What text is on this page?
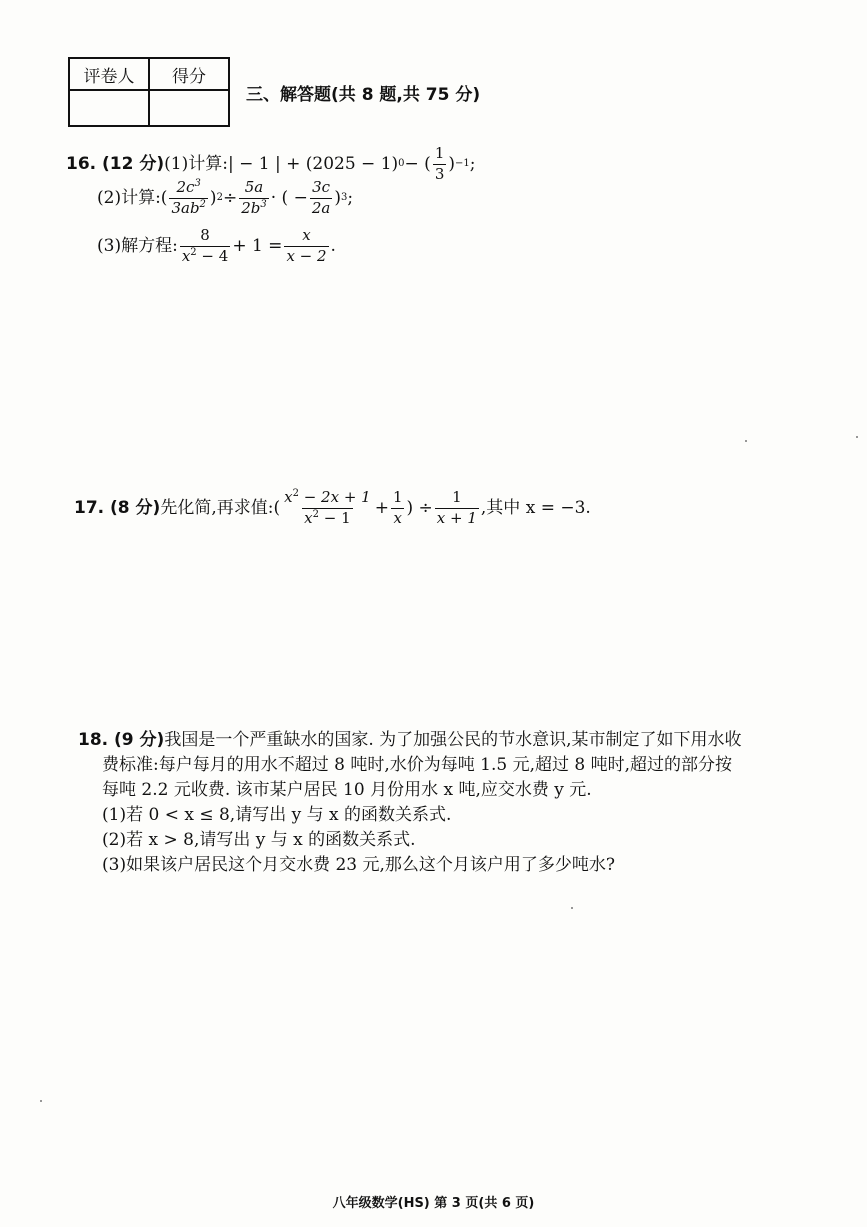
评卷人	得分

三、解答题(共 8 题,共 75 分)
16. (12 分) (1)计算: | − 1 | + (2025 − 1) 0 − ( $\frac{1}{3}$ ) −1 ;
(2)计算:( $\frac{2c^3}{3ab^2}$ ) $2 \div \frac{5a}{2b^3}$ · ( − $\frac{3c}{2a}$ ) 3 ;
(3)解方程: $\frac{8}{x^2 - 4} + 1 = \frac{x}{x - 2}$ .
17. (8 分) 先化简,再求值:( $\frac{x^2 - 2x + 1}{x^2 - 1} + \frac{1}{x}$ ) ÷ $\frac{1}{x + 1}$ ,其中 x = −3.
18. (9 分)我国是一个严重缺水的国家. 为了加强公民的节水意识,某市制定了如下用水收
费标准:每户每月的用水不超过 8 吨时,水价为每吨 1.5 元,超过 8 吨时,超过的部分按
每吨 2.2 元收费. 该市某户居民 10 月份用水 x 吨,应交水费 y 元.
(1)若 0 < x ≤ 8,请写出 y 与 x 的函数关系式.
(2)若 x > 8,请写出 y 与 x 的函数关系式.
(3)如果该户居民这个月交水费 23 元,那么这个月该户用了多少吨水?
八年级数学(HS) 第 3 页(共 6 页)
